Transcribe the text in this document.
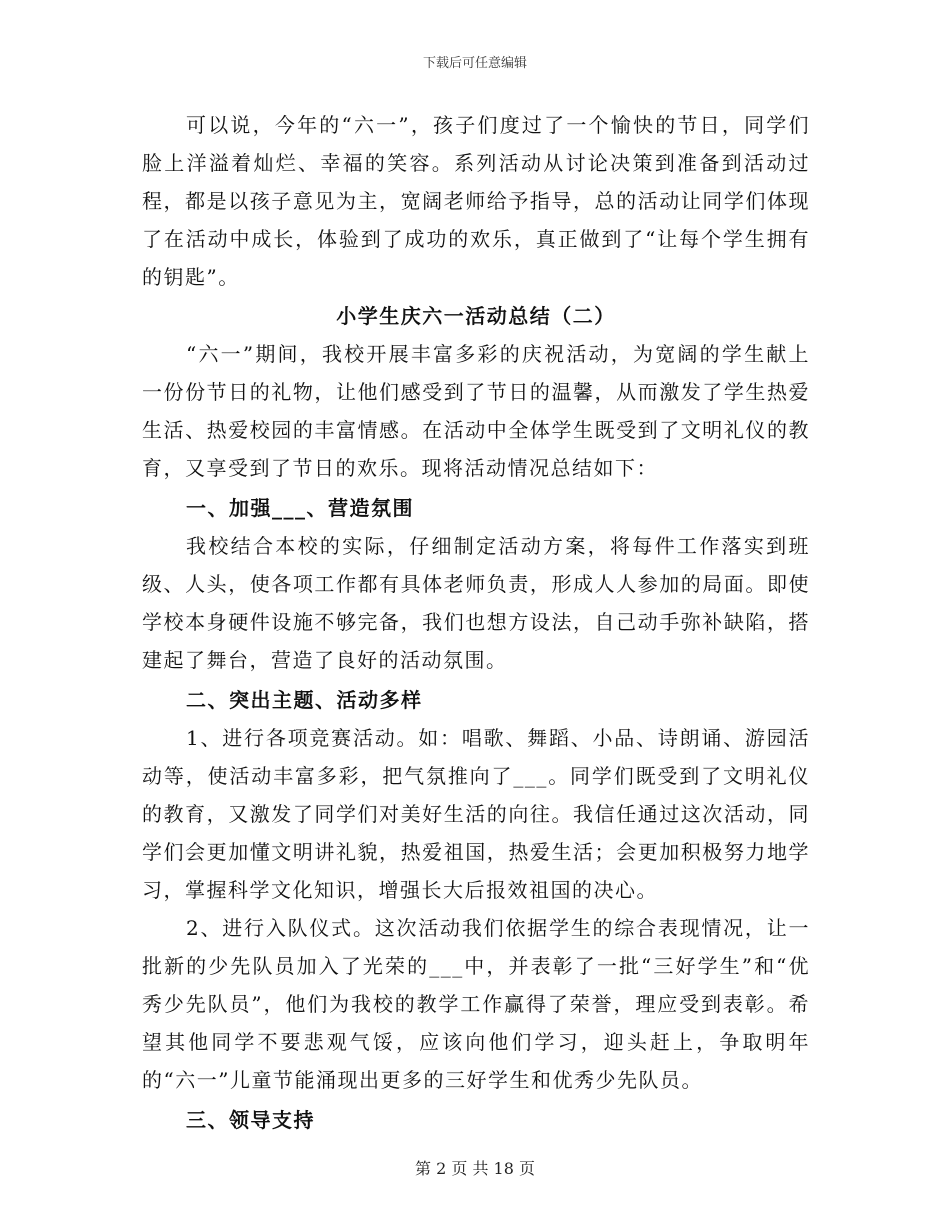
下载后可任意编辑

可以说，今年的“六一”，孩子们度过了一个愉快的节日，同学们脸上洋溢着灿烂、幸福的笑容。系列活动从讨论决策到准备到活动过程，都是以孩子意见为主，宽阔老师给予指导，总的活动让同学们体现了在活动中成长，体验到了成功的欢乐，真正做到了“让每个学生拥有的钥匙”。

小学生庆六一活动总结（二）

“六一”期间，我校开展丰富多彩的庆祝活动，为宽阔的学生献上一份份节日的礼物，让他们感受到了节日的温馨，从而激发了学生热爱生活、热爱校园的丰富情感。在活动中全体学生既受到了文明礼仪的教育，又享受到了节日的欢乐。现将活动情况总结如下：

一、加强___、营造氛围

我校结合本校的实际，仔细制定活动方案，将每件工作落实到班级、人头，使各项工作都有具体老师负责，形成人人参加的局面。即使学校本身硬件设施不够完备，我们也想方设法，自己动手弥补缺陷，搭建起了舞台，营造了良好的活动氛围。

二、突出主题、活动多样

1、进行各项竞赛活动。如：唱歌、舞蹈、小品、诗朗诵、游园活动等，使活动丰富多彩，把气氛推向了___。同学们既受到了文明礼仪的教育，又激发了同学们对美好生活的向往。我信任通过这次活动，同学们会更加懂文明讲礼貌，热爱祖国，热爱生活；会更加积极努力地学习，掌握科学文化知识，增强长大后报效祖国的决心。

2、进行入队仪式。这次活动我们依据学生的综合表现情况，让一批新的少先队员加入了光荣的___中，并表彰了一批“三好学生”和“优秀少先队员”，他们为我校的教学工作赢得了荣誉，理应受到表彰。希望其他同学不要悲观气馁，应该向他们学习，迎头赶上，争取明年的“六一”儿童节能涌现出更多的三好学生和优秀少先队员。

三、领导支持

第 2 页 共 18 页
